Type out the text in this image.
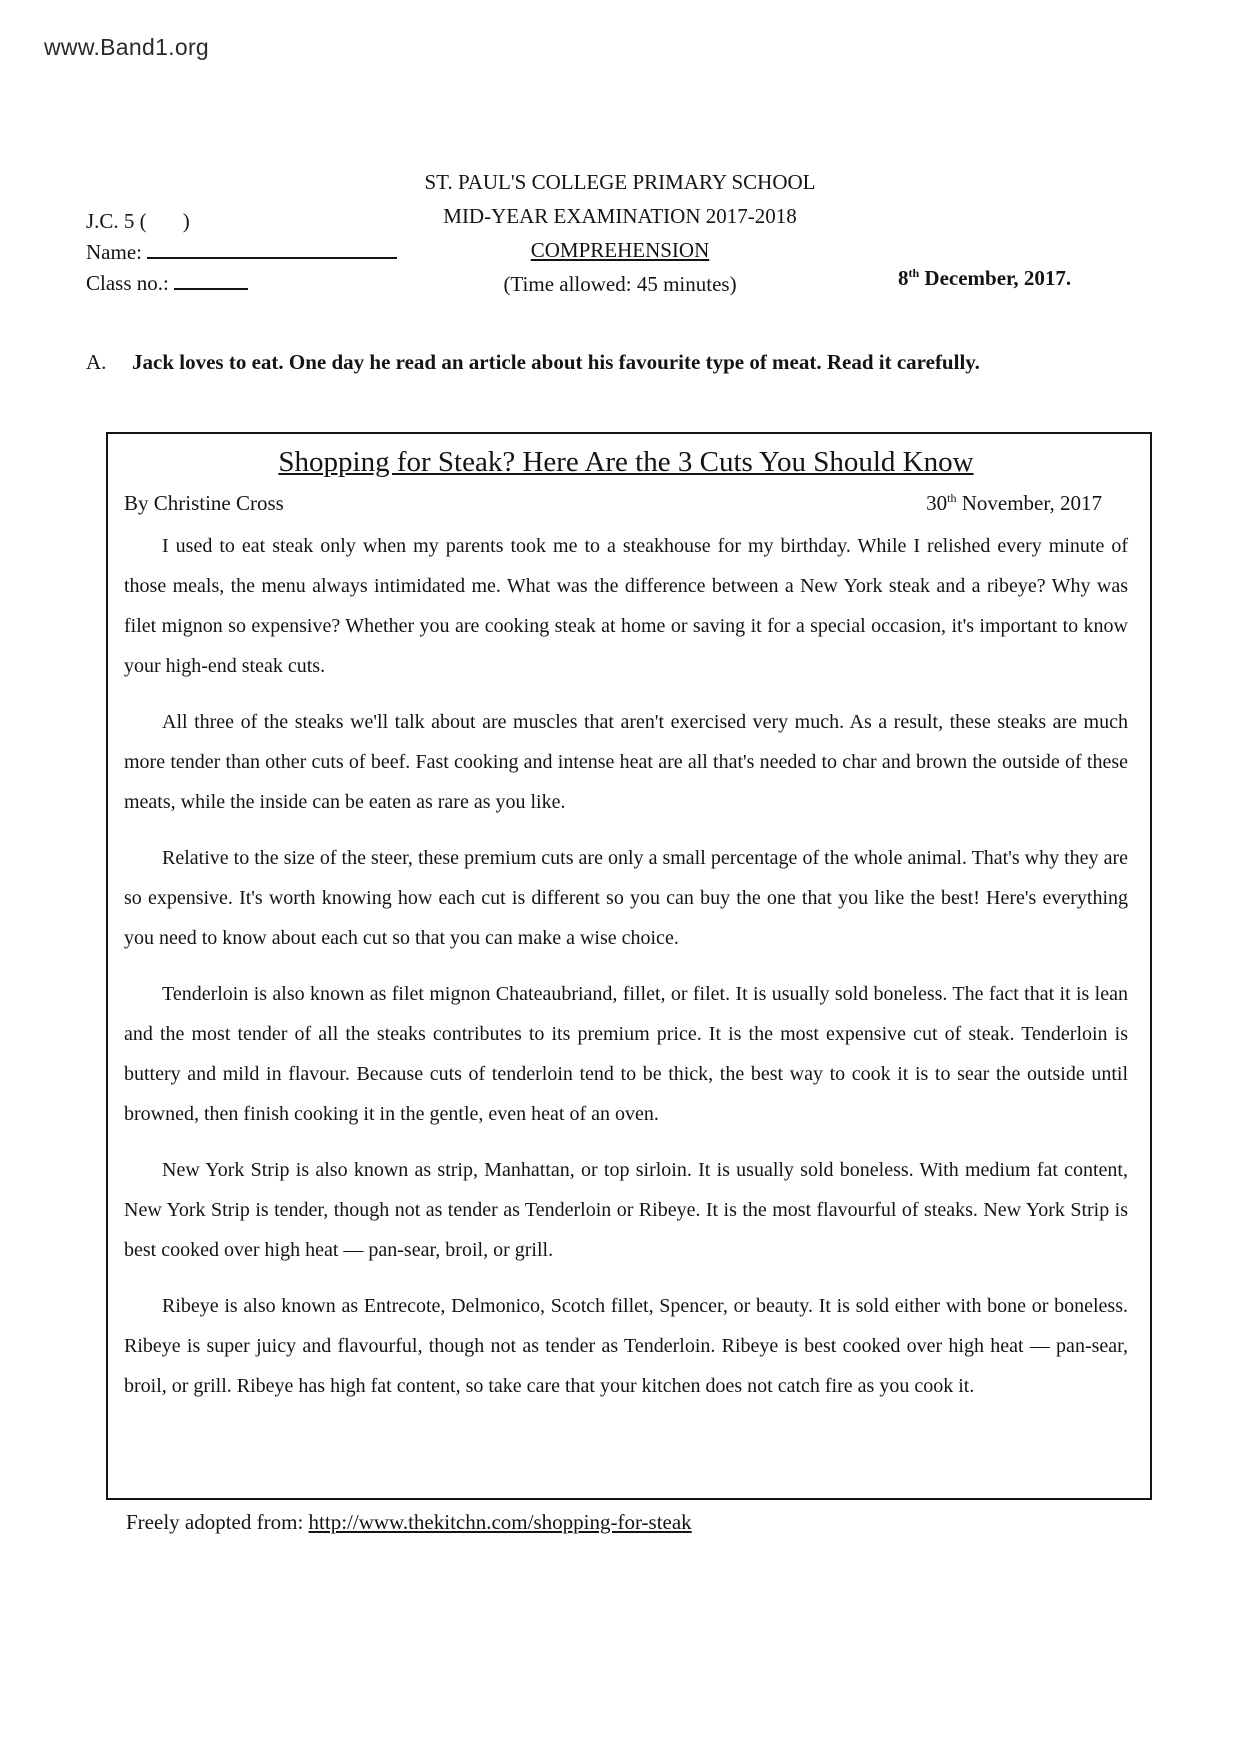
www.Band1.org
J.C. 5 ( )
Name:
Class no.:
ST. PAUL'S COLLEGE PRIMARY SCHOOL
MID-YEAR EXAMINATION 2017-2018
COMPREHENSION
(Time allowed: 45 minutes)	8th December, 2017.
A. Jack loves to eat. One day he read an article about his favourite type of meat. Read it carefully.
Shopping for Steak? Here Are the 3 Cuts You Should Know
By Christine Cross	30th November, 2017

I used to eat steak only when my parents took me to a steakhouse for my birthday. While I relished every minute of those meals, the menu always intimidated me. What was the difference between a New York steak and a ribeye? Why was filet mignon so expensive? Whether you are cooking steak at home or saving it for a special occasion, it's important to know your high-end steak cuts.

All three of the steaks we'll talk about are muscles that aren't exercised very much. As a result, these steaks are much more tender than other cuts of beef. Fast cooking and intense heat are all that's needed to char and brown the outside of these meats, while the inside can be eaten as rare as you like.

Relative to the size of the steer, these premium cuts are only a small percentage of the whole animal. That's why they are so expensive. It's worth knowing how each cut is different so you can buy the one that you like the best! Here's everything you need to know about each cut so that you can make a wise choice.

Tenderloin is also known as filet mignon Chateaubriand, fillet, or filet. It is usually sold boneless. The fact that it is lean and the most tender of all the steaks contributes to its premium price. It is the most expensive cut of steak. Tenderloin is buttery and mild in flavour. Because cuts of tenderloin tend to be thick, the best way to cook it is to sear the outside until browned, then finish cooking it in the gentle, even heat of an oven.

New York Strip is also known as strip, Manhattan, or top sirloin. It is usually sold boneless. With medium fat content, New York Strip is tender, though not as tender as Tenderloin or Ribeye. It is the most flavourful of steaks. New York Strip is best cooked over high heat — pan-sear, broil, or grill.

Ribeye is also known as Entrecote, Delmonico, Scotch fillet, Spencer, or beauty. It is sold either with bone or boneless. Ribeye is super juicy and flavourful, though not as tender as Tenderloin. Ribeye is best cooked over high heat — pan-sear, broil, or grill. Ribeye has high fat content, so take care that your kitchen does not catch fire as you cook it.

Freely adopted from: http://www.thekitchn.com/shopping-for-steak
